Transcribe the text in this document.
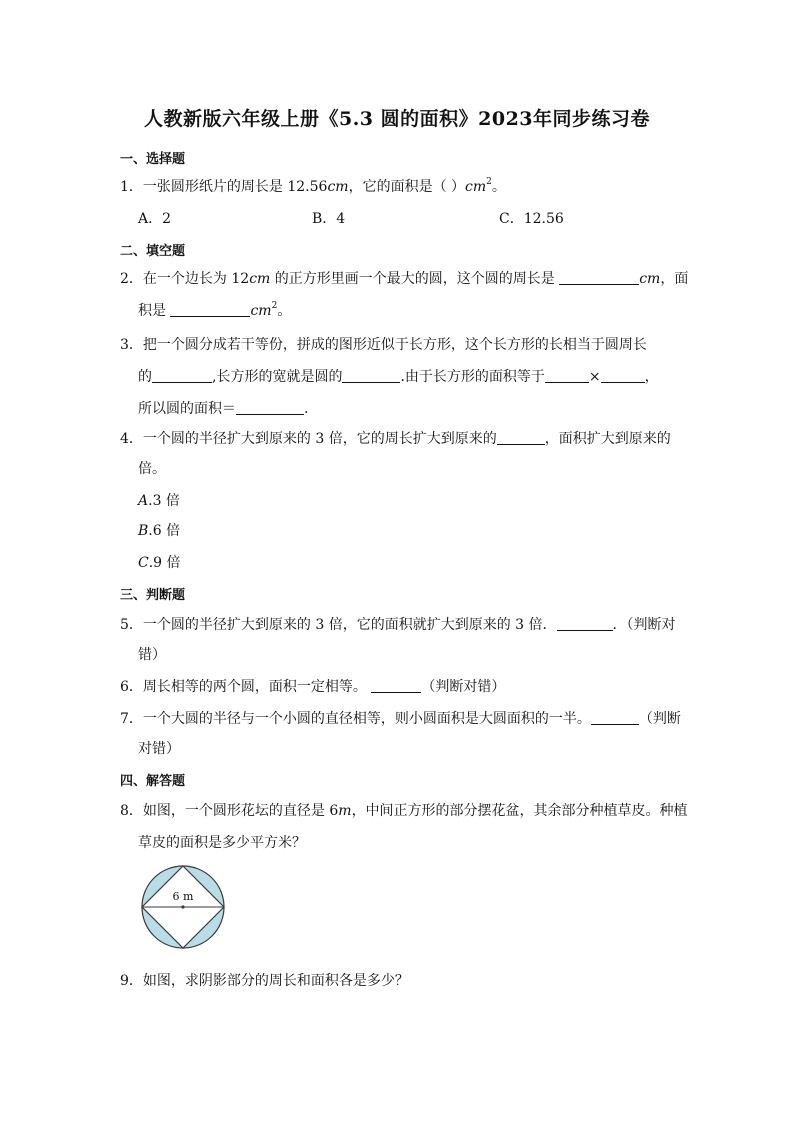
人教新版六年级上册《5.3 圆的面积》2023年同步练习卷
一、选择题
1．一张圆形纸片的周长是 12.56cm，它的面积是（ ）$cm^2$。
A．2	B．4	C．12.56
二、填空题
2．在一个边长为 12cm 的正方形里画一个最大的圆，这个圆的周长是	cm，面
积是	$cm^2$。
3．把一个圆分成若干等份，拼成的图形近似于长方形，这个长方形的长相当于圆周长
的	,长方形的宽就是圆的	.由于长方形的面积等于	×	，
所以圆的面积＝	.
4．一个圆的半径扩大到原来的 3 倍，它的周长扩大到原来的	，面积扩大到原来的
倍。
A.3 倍
B.6 倍
C.9 倍
三、判断题
5．一个圆的半径扩大到原来的 3 倍，它的面积就扩大到原来的 3 倍．	．（判断对
错）
6．周长相等的两个圆，面积一定相等。	（判断对错）
7．一个大圆的半径与一个小圆的直径相等，则小圆面积是大圆面积的一半。	（判断
对错）
四、解答题
8．如图，一个圆形花坛的直径是 6m，中间正方形的部分摆花盆，其余部分种植草皮。种植
草皮的面积是多少平方米？
6 m
9．如图，求阴影部分的周长和面积各是多少？
